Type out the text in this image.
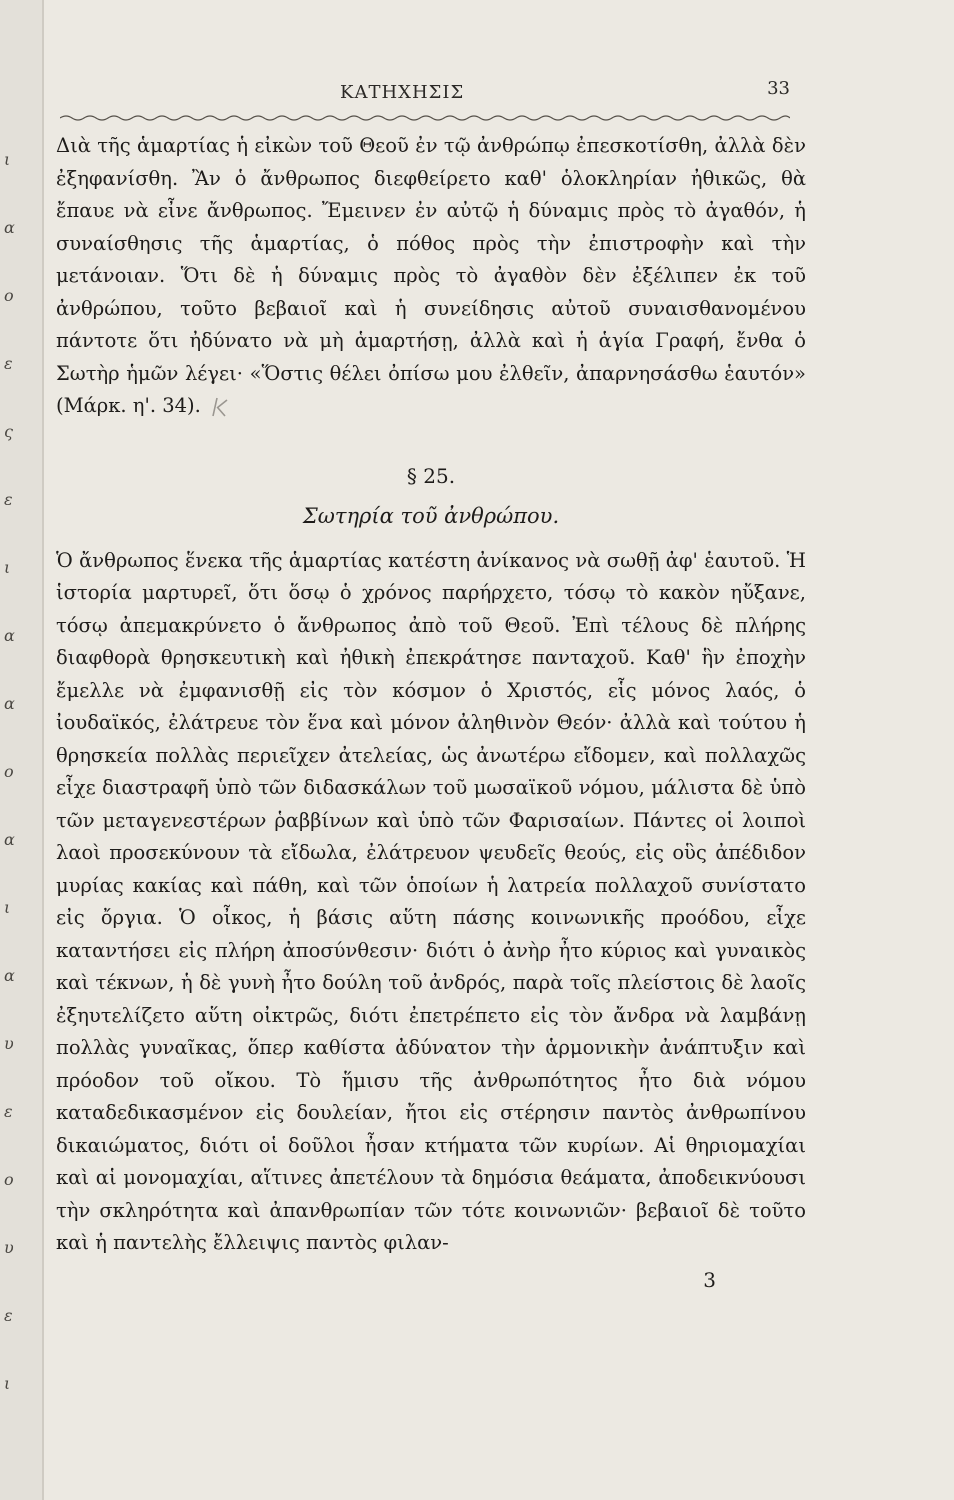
ι
α
ο
ε
ς
ε
ι
α
α
ο
α
ι
α
υ
ε
ο
υ
ε
ι
ΚΑΤΗΧΗΣΙΣ	33

Διὰ τῆς ἁμαρτίας ἡ εἰκὼν τοῦ Θεοῦ ἐν τῷ ἀνθρώπῳ ἐπεσκοτίσθη, ἀλλὰ δὲν ἐξηφανίσθη. Ἂν ὁ ἄνθρωπος διεφθείρετο καθ' ὁλοκληρίαν ἠθικῶς, θὰ ἔπαυε νὰ εἶνε ἄνθρωπος. Ἔμεινεν ἐν αὐτῷ ἡ δύναμις πρὸς τὸ ἀγαθόν, ἡ συναίσθησις τῆς ἁμαρτίας, ὁ πόθος πρὸς τὴν ἐπιστροφὴν καὶ τὴν μετάνοιαν. Ὅτι δὲ ἡ δύναμις πρὸς τὸ ἀγαθὸν δὲν ἐξέλιπεν ἐκ τοῦ ἀνθρώπου, τοῦτο βεβαιοῖ καὶ ἡ συνείδησις αὐτοῦ συναισθανομένου πάντοτε ὅτι ἠδύνατο νὰ μὴ ἁμαρτήσῃ, ἀλλὰ καὶ ἡ ἁγία Γραφή, ἔνθα ὁ Σωτὴρ ἡμῶν λέγει· «Ὅστις θέλει ὀπίσω μου ἐλθεῖν, ἀπαρνησάσθω ἑαυτόν» (Μάρκ. η'. 34).

§ 25.
Σωτηρία τοῦ ἀνθρώπου.

Ὁ ἄνθρωπος ἕνεκα τῆς ἁμαρτίας κατέστη ἀνίκανος νὰ σωθῇ ἀφ' ἑαυτοῦ. Ἡ ἱστορία μαρτυρεῖ, ὅτι ὅσῳ ὁ χρόνος παρήρχετο, τόσῳ τὸ κακὸν ηὔξανε, τόσῳ ἀπεμακρύνετο ὁ ἄνθρωπος ἀπὸ τοῦ Θεοῦ. Ἐπὶ τέλους δὲ πλήρης διαφθορὰ θρησκευτικὴ καὶ ἠθικὴ ἐπεκράτησε πανταχοῦ. Καθ' ἣν ἐποχὴν ἔμελλε νὰ ἐμφανισθῇ εἰς τὸν κόσμον ὁ Χριστός, εἷς μόνος λαός, ὁ ἰουδαϊκός, ἐλάτρευε τὸν ἕνα καὶ μόνον ἀληθινὸν Θεόν· ἀλλὰ καὶ τούτου ἡ θρησκεία πολλὰς περιεῖχεν ἀτελείας, ὡς ἀνωτέρω εἴδομεν, καὶ πολλαχῶς εἶχε διαστραφῆ ὑπὸ τῶν διδασκάλων τοῦ μωσαϊκοῦ νόμου, μάλιστα δὲ ὑπὸ τῶν μεταγενεστέρων ῥαββίνων καὶ ὑπὸ τῶν Φαρισαίων. Πάντες οἱ λοιποὶ λαοὶ προσεκύνουν τὰ εἴδωλα, ἐλάτρευον ψευδεῖς θεούς, εἰς οὓς ἀπέδιδον μυρίας κακίας καὶ πάθη, καὶ τῶν ὁποίων ἡ λατρεία πολλαχοῦ συνίστατο εἰς ὄργια. Ὁ οἶκος, ἡ βάσις αὕτη πάσης κοινωνικῆς προόδου, εἶχε καταντήσει εἰς πλήρη ἀποσύνθεσιν· διότι ὁ ἀνὴρ ἦτο κύριος καὶ γυναικὸς καὶ τέκνων, ἡ δὲ γυνὴ ἦτο δούλη τοῦ ἀνδρός, παρὰ τοῖς πλείστοις δὲ λαοῖς ἐξηυτελίζετο αὕτη οἰκτρῶς, διότι ἐπετρέπετο εἰς τὸν ἄνδρα νὰ λαμβάνῃ πολλὰς γυναῖκας, ὅπερ καθίστα ἀδύνατον τὴν ἁρμονικὴν ἀνάπτυξιν καὶ πρόοδον τοῦ οἴκου. Τὸ ἥμισυ τῆς ἀνθρωπότητος ἦτο διὰ νόμου καταδεδικασμένον εἰς δουλείαν, ἤτοι εἰς στέρησιν παντὸς ἀνθρωπίνου δικαιώματος, διότι οἱ δοῦλοι ἦσαν κτήματα τῶν κυρίων. Αἱ θηριομαχίαι καὶ αἱ μονομαχίαι, αἵτινες ἀπετέλουν τὰ δημόσια θεάματα, ἀποδεικνύουσι τὴν σκληρότητα καὶ ἀπανθρωπίαν τῶν τότε κοινωνιῶν· βεβαιοῖ δὲ τοῦτο καὶ ἡ παντελὴς ἔλλειψις παντὸς φιλαν-

3
